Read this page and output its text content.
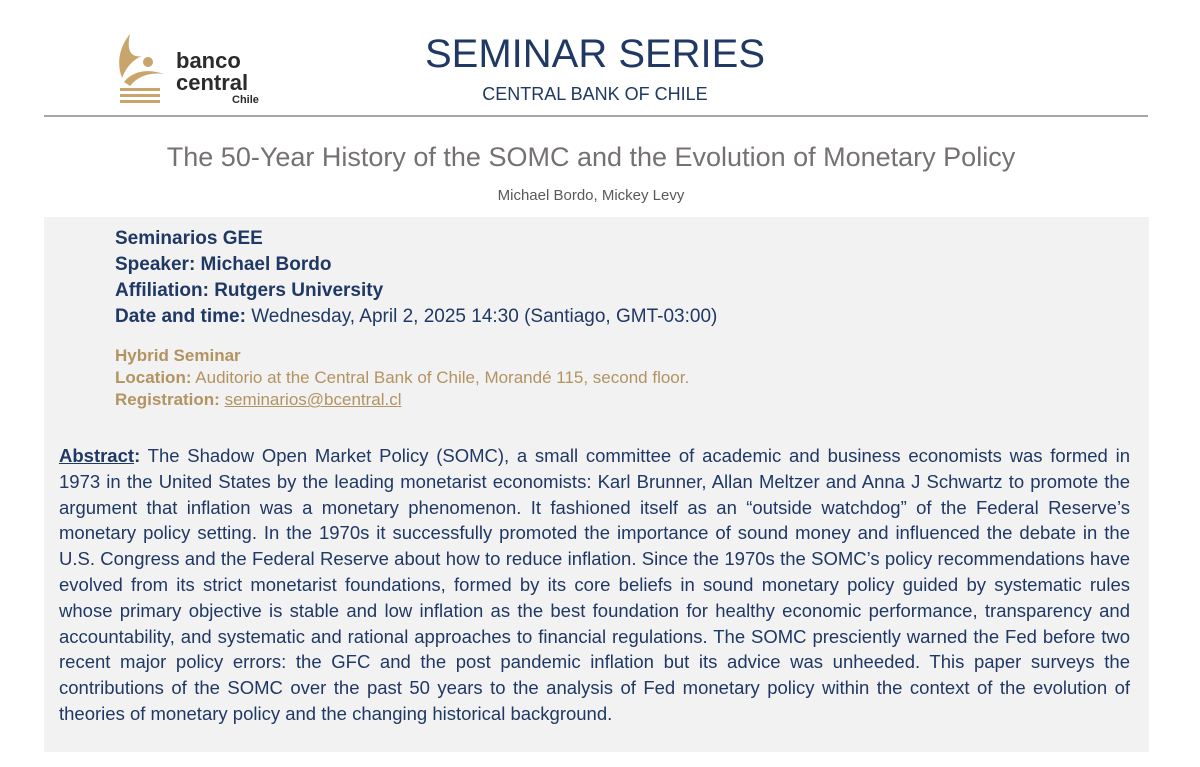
banco
central
Chile
SEMINAR SERIES
CENTRAL BANK OF CHILE
The 50-Year History of the SOMC and the Evolution of Monetary Policy
Michael Bordo, Mickey Levy
Seminarios GEE
Speaker: Michael Bordo
Affiliation: Rutgers University
Date and time: Wednesday, April 2, 2025 14:30 (Santiago, GMT-03:00)
Hybrid Seminar
Location: Auditorio at the Central Bank of Chile, Morandé 115, second floor.
Registration: seminarios@bcentral.cl

Abstract: The Shadow Open Market Policy (SOMC), a small committee of academic and business economists was formed in 1973 in the United States by the leading monetarist economists: Karl Brunner, Allan Meltzer and Anna J Schwartz to promote the argument that inflation was a monetary phenomenon. It fashioned itself as an “outside watchdog” of the Federal Reserve’s monetary policy setting. In the 1970s it successfully promoted the importance of sound money and influenced the debate in the U.S. Congress and the Federal Reserve about how to reduce inflation. Since the 1970s the SOMC’s policy recommendations have evolved from its strict monetarist foundations, formed by its core beliefs in sound monetary policy guided by systematic rules whose primary objective is stable and low inflation as the best foundation for healthy economic performance, transparency and accountability, and systematic and rational approaches to financial regulations. The SOMC presciently warned the Fed before two recent major policy errors: the GFC and the post pandemic inflation but its advice was unheeded. This paper surveys the contributions of the SOMC over the past 50 years to the analysis of Fed monetary policy within the context of the evolution of theories of monetary policy and the changing historical background.
